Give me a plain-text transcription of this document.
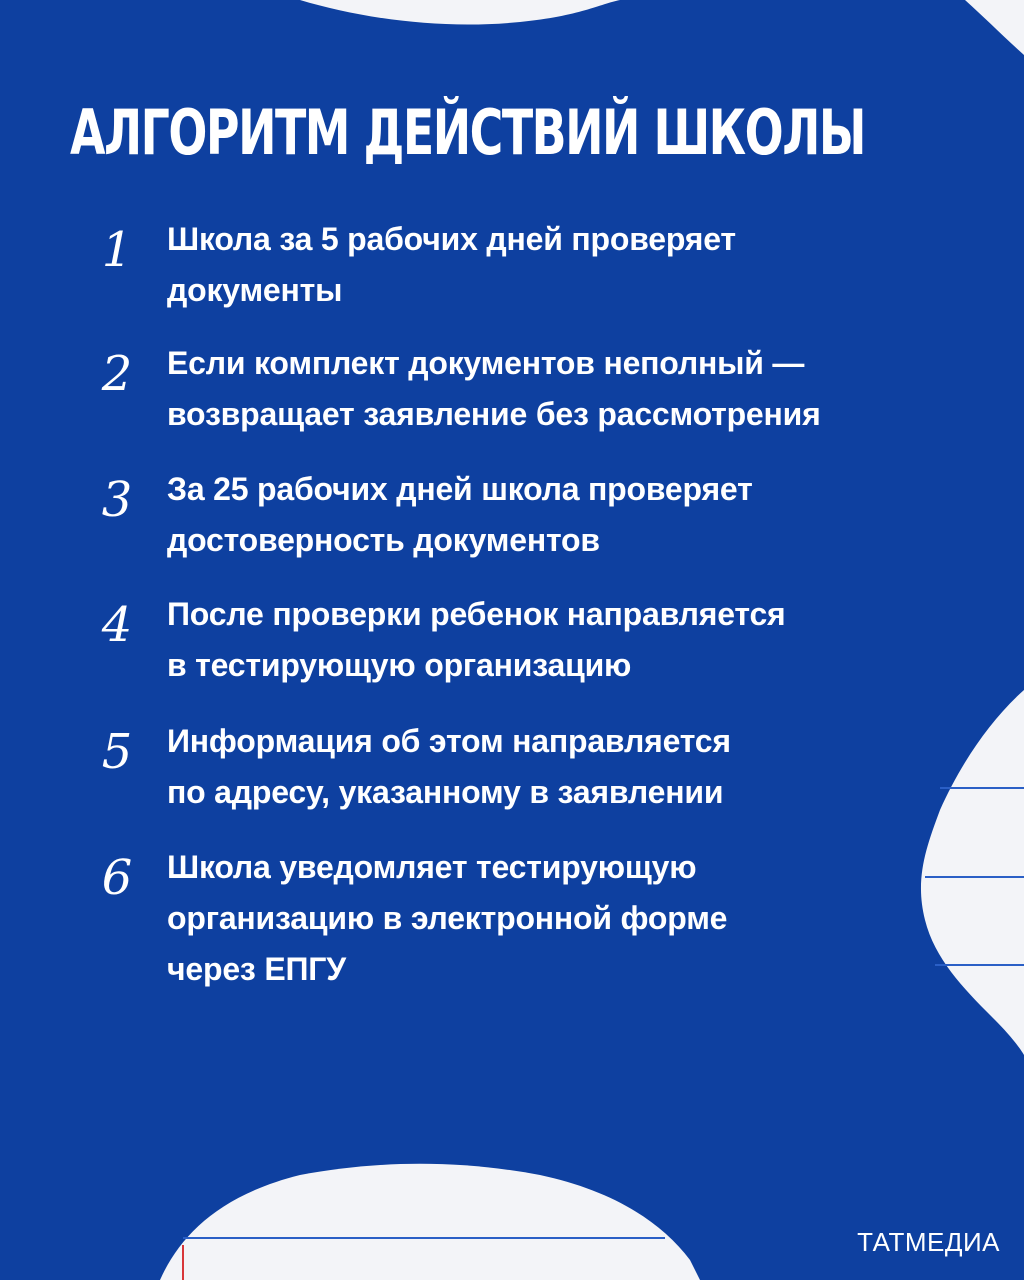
АЛГОРИТМ ДЕЙСТВИЙ ШКОЛЫ
1	Школа за 5 рабочих дней проверяет
документы
2	Если комплект документов неполный —
возвращает заявление без рассмотрения
3	За 25 рабочих дней школа проверяет
достоверность документов
4	После проверки ребенок направляется
в тестирующую организацию
5	Информация об этом направляется
по адресу, указанному в заявлении
6	Школа уведомляет тестирующую
организацию в электронной форме
через ЕПГУ
ТАТМЕДИА
